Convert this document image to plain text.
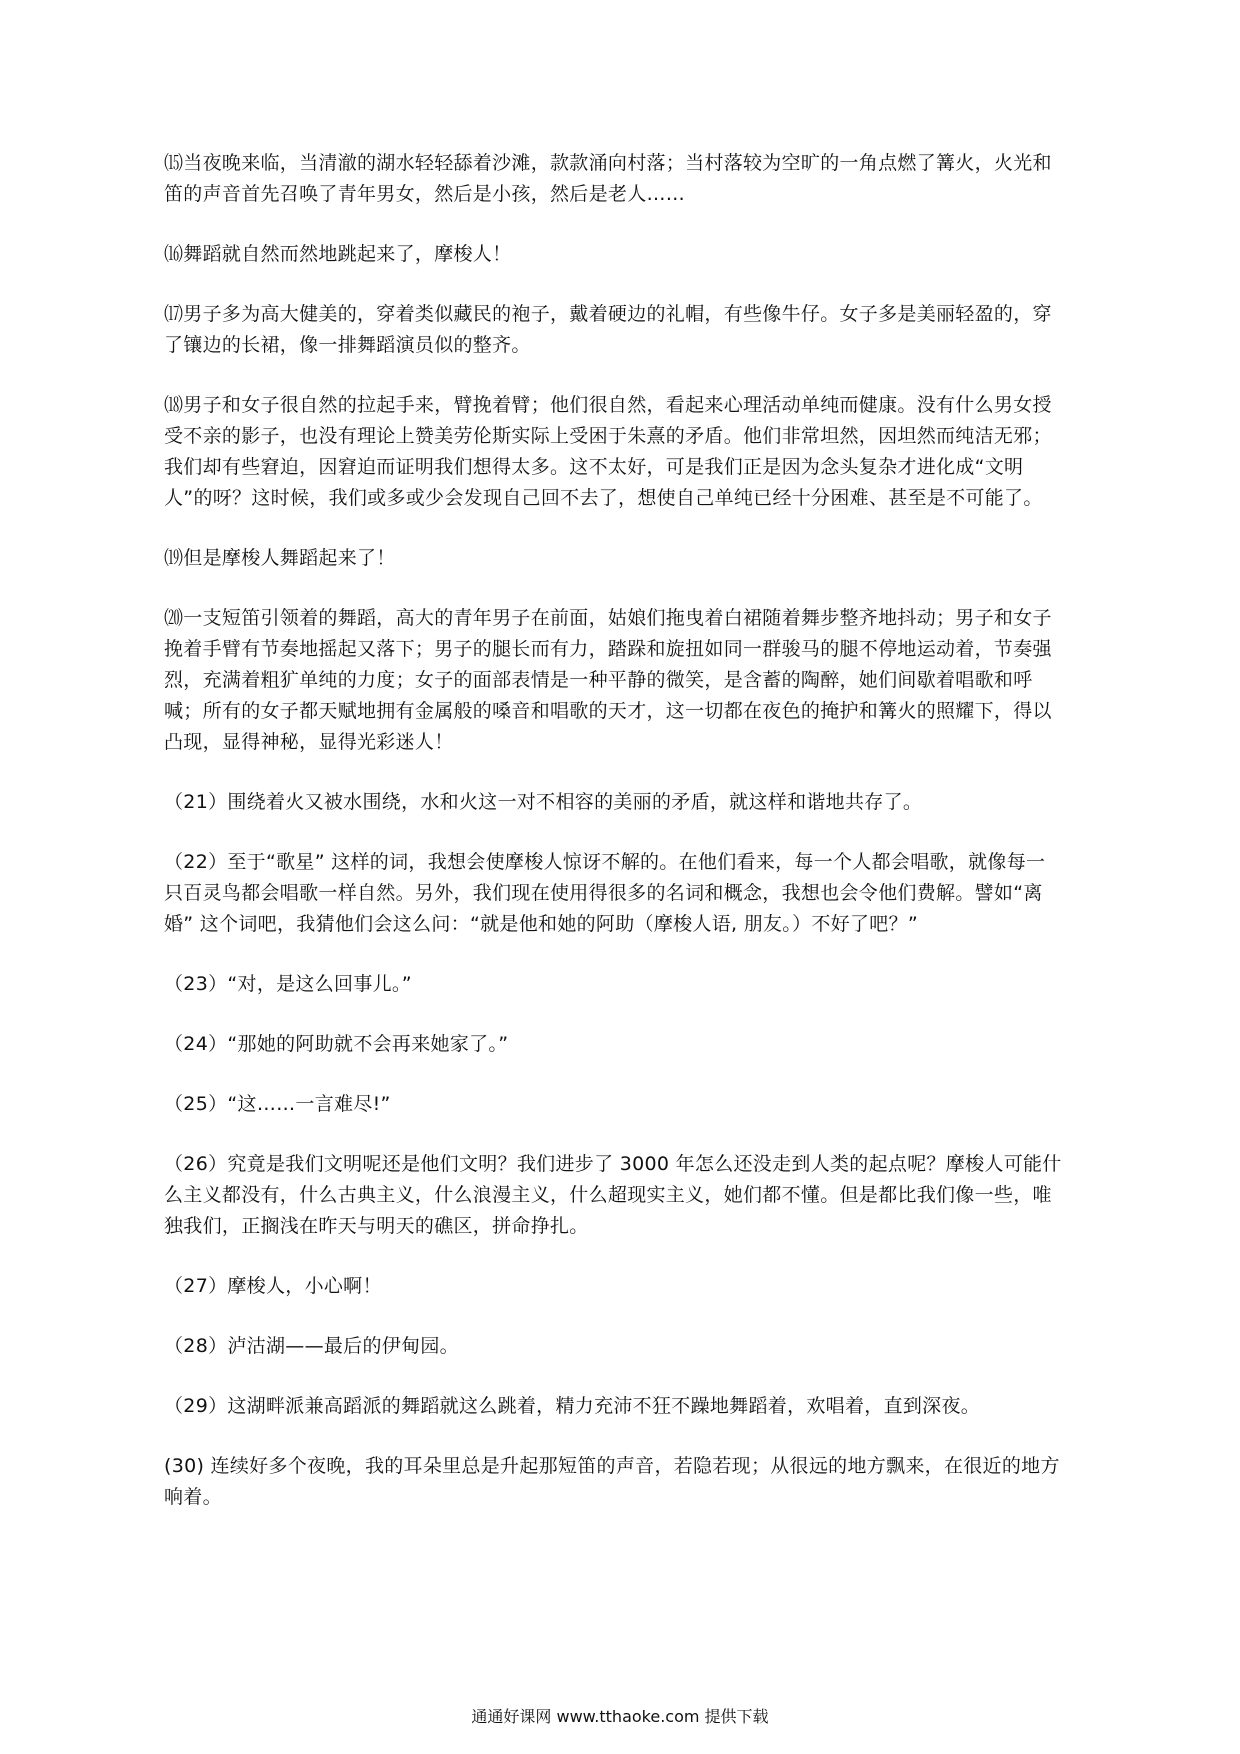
⒂当夜晚来临，当清澈的湖水轻轻舔着沙滩，款款涌向村落；当村落较为空旷的一角点燃了篝火，火光和笛的声音首先召唤了青年男女，然后是小孩，然后是老人……

⒃舞蹈就自然而然地跳起来了，摩梭人！

⒄男子多为高大健美的，穿着类似藏民的袍子，戴着硬边的礼帽，有些像牛仔。女子多是美丽轻盈的，穿了镶边的长裙，像一排舞蹈演员似的整齐。

⒅男子和女子很自然的拉起手来，臂挽着臂；他们很自然，看起来心理活动单纯而健康。没有什么男女授受不亲的影子，也没有理论上赞美劳伦斯实际上受困于朱熹的矛盾。他们非常坦然，因坦然而纯洁无邪；我们却有些窘迫，因窘迫而证明我们想得太多。这不太好，可是我们正是因为念头复杂才进化成“文明人”的呀？这时候，我们或多或少会发现自己回不去了，想使自己单纯已经十分困难、甚至是不可能了。

⒆但是摩梭人舞蹈起来了！

⒇一支短笛引领着的舞蹈，高大的青年男子在前面，姑娘们拖曳着白裙随着舞步整齐地抖动；男子和女子挽着手臂有节奏地摇起又落下；男子的腿长而有力，踏跺和旋扭如同一群骏马的腿不停地运动着，节奏强烈，充满着粗犷单纯的力度；女子的面部表情是一种平静的微笑，是含蓄的陶醉，她们间歇着唱歌和呼喊；所有的女子都天赋地拥有金属般的嗓音和唱歌的天才，这一切都在夜色的掩护和篝火的照耀下，得以凸现，显得神秘，显得光彩迷人！

（21）围绕着火又被水围绕，水和火这一对不相容的美丽的矛盾，就这样和谐地共存了。

（22）至于“歌星” 这样的词，我想会使摩梭人惊讶不解的。在他们看来，每一个人都会唱歌，就像每一只百灵鸟都会唱歌一样自然。另外，我们现在使用得很多的名词和概念，我想也会令他们费解。譬如“离婚” 这个词吧，我猜他们会这么问：“就是他和她的阿助（摩梭人语, 朋友。）不好了吧？”

（23）“对，是这么回事儿。”

（24）“那她的阿助就不会再来她家了。”

（25）“这……一言难尽!”

（26）究竟是我们文明呢还是他们文明？我们进步了 3000 年怎么还没走到人类的起点呢？摩梭人可能什么主义都没有，什么古典主义，什么浪漫主义，什么超现实主义，她们都不懂。但是都比我们像一些，唯独我们，正搁浅在昨天与明天的礁区，拼命挣扎。

（27）摩梭人，小心啊！

（28）泸沽湖——最后的伊甸园。

（29）这湖畔派兼高蹈派的舞蹈就这么跳着，精力充沛不狂不躁地舞蹈着，欢唱着，直到深夜。

(30) 连续好多个夜晚，我的耳朵里总是升起那短笛的声音，若隐若现；从很远的地方飘来，在很近的地方响着。

通通好课网 www.tthaoke.com 提供下载
